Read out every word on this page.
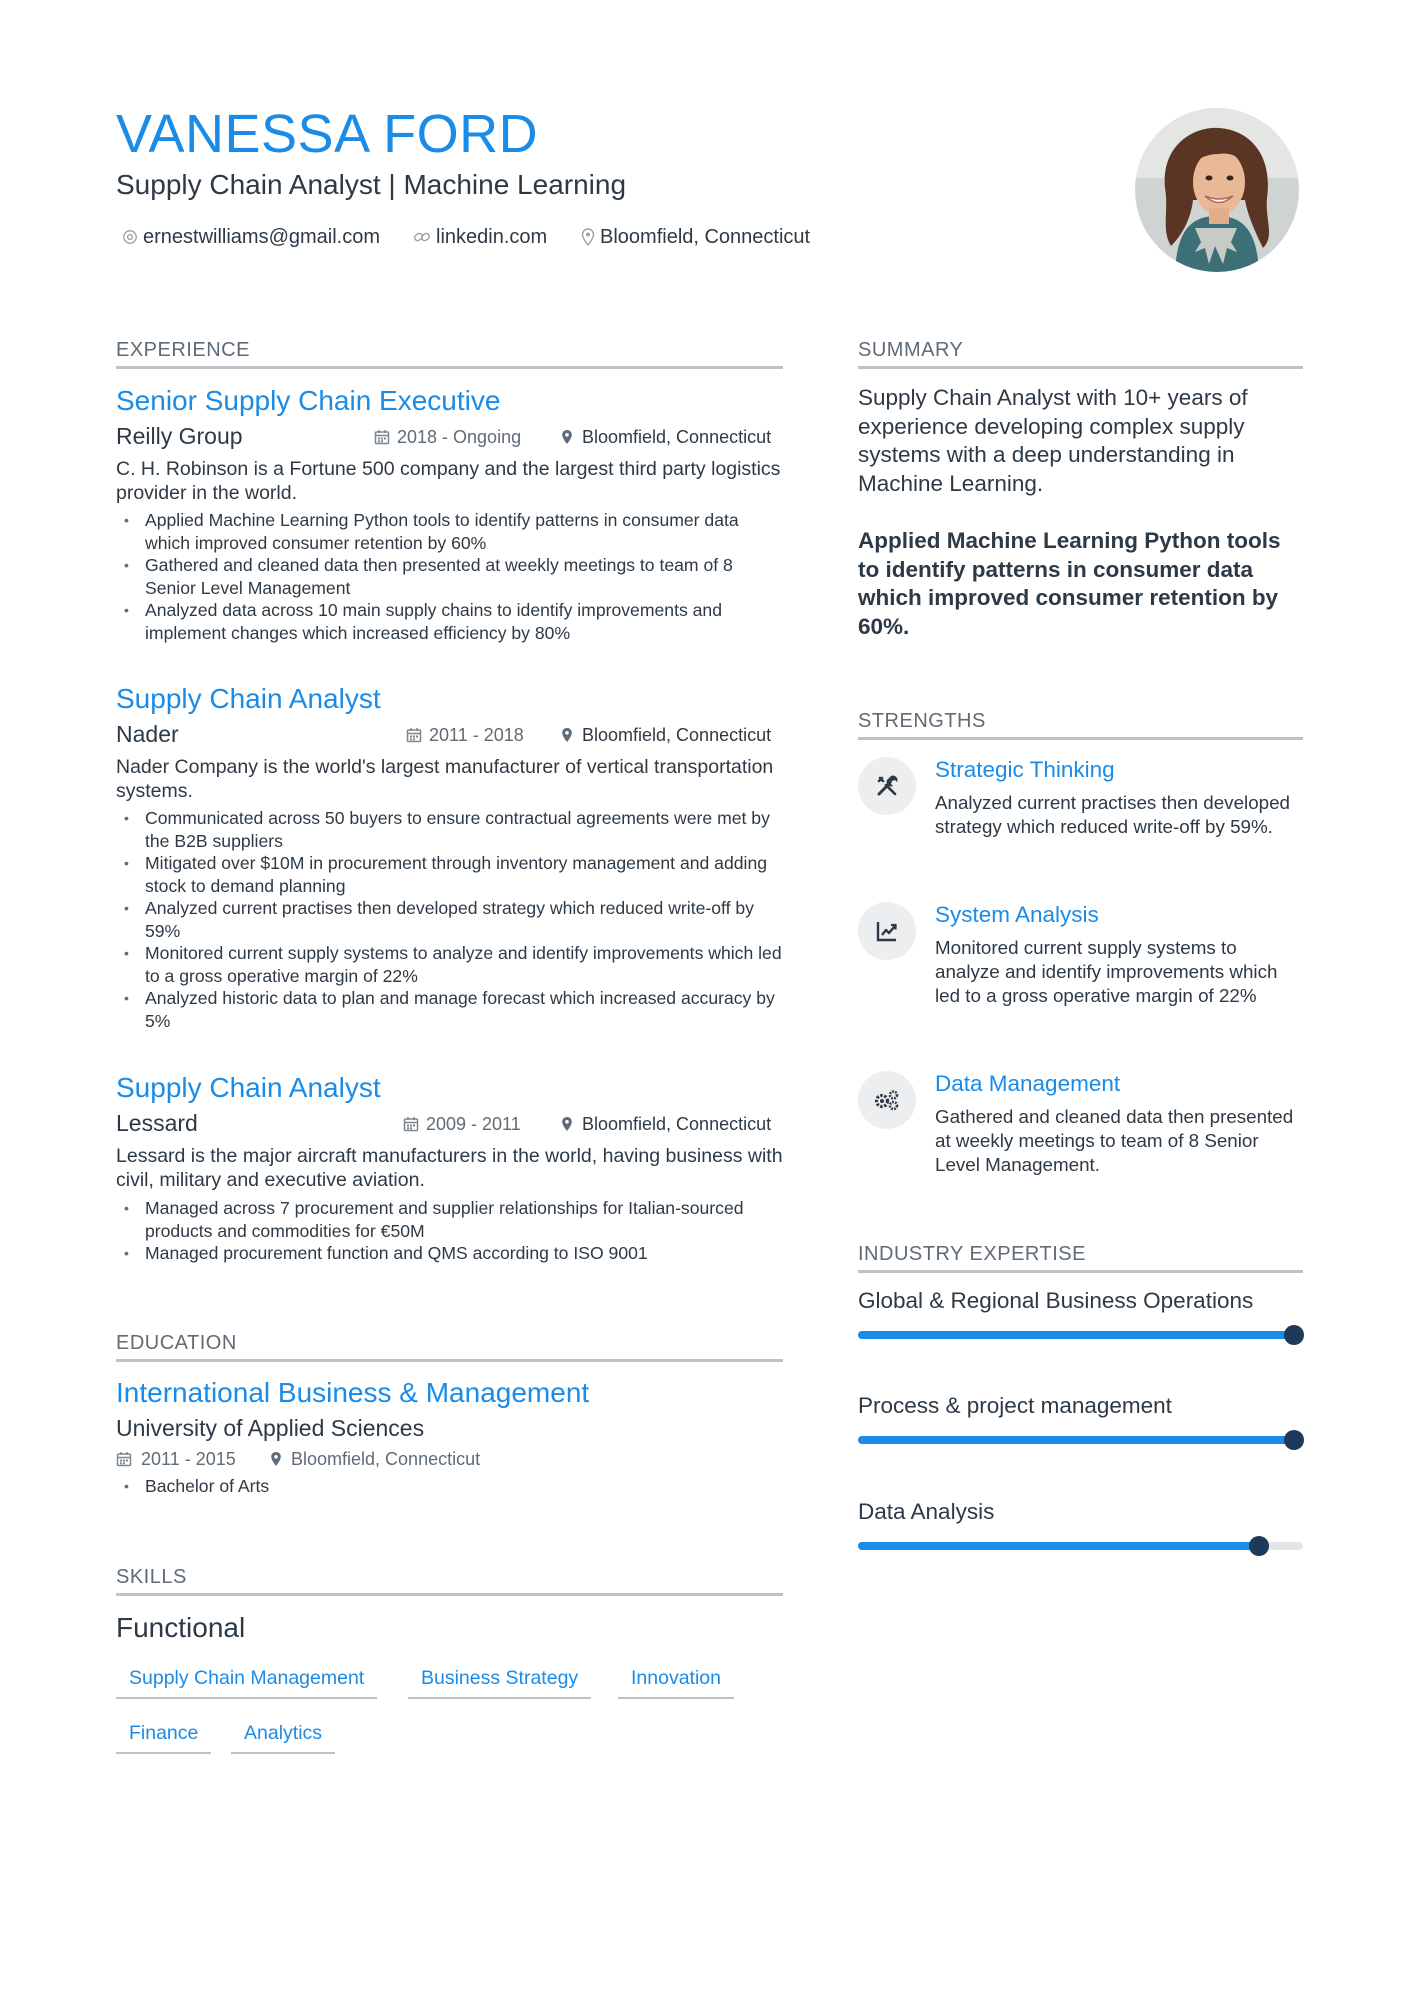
VANESSA FORD
Supply Chain Analyst | Machine Learning
ernestwilliams@gmail.com	linkedin.com	Bloomfield, Connecticut
EXPERIENCE
Senior Supply Chain Executive
Reilly Group	2018 - Ongoing	Bloomfield, Connecticut
C. H. Robinson is a Fortune 500 company and the largest third party logistics provider in the world.
• Applied Machine Learning Python tools to identify patterns in consumer data which improved consumer retention by 60%
• Gathered and cleaned data then presented at weekly meetings to team of 8 Senior Level Management
• Analyzed data across 10 main supply chains to identify improvements and implement changes which increased efficiency by 80%
Supply Chain Analyst
Nader	2011 - 2018	Bloomfield, Connecticut
Nader Company is the world's largest manufacturer of vertical transportation systems.
• Communicated across 50 buyers to ensure contractual agreements were met by the B2B suppliers
• Mitigated over $10M in procurement through inventory management and adding stock to demand planning
• Analyzed current practises then developed strategy which reduced write-off by 59%
• Monitored current supply systems to analyze and identify improvements which led to a gross operative margin of 22%
• Analyzed historic data to plan and manage forecast which increased accuracy by 5%
Supply Chain Analyst
Lessard	2009 - 2011	Bloomfield, Connecticut
Lessard is the major aircraft manufacturers in the world, having business with civil, military and executive aviation.
• Managed across 7 procurement and supplier relationships for Italian-sourced products and commodities for €50M
• Managed procurement function and QMS according to ISO 9001
EDUCATION
International Business & Management
University of Applied Sciences
2011 - 2015	Bloomfield, Connecticut
• Bachelor of Arts
SKILLS
Functional
Supply Chain Management	Business Strategy	Innovation
Finance	Analytics
SUMMARY
Supply Chain Analyst with 10+ years of experience developing complex supply systems with a deep understanding in Machine Learning.
Applied Machine Learning Python tools to identify patterns in consumer data which improved consumer retention by 60%.
STRENGTHS
Strategic Thinking
Analyzed current practises then developed strategy which reduced write-off by 59%.
System Analysis
Monitored current supply systems to analyze and identify improvements which led to a gross operative margin of 22%
Data Management
Gathered and cleaned data then presented at weekly meetings to team of 8 Senior Level Management.
INDUSTRY EXPERTISE
Global & Regional Business Operations
Process & project management
Data Analysis
